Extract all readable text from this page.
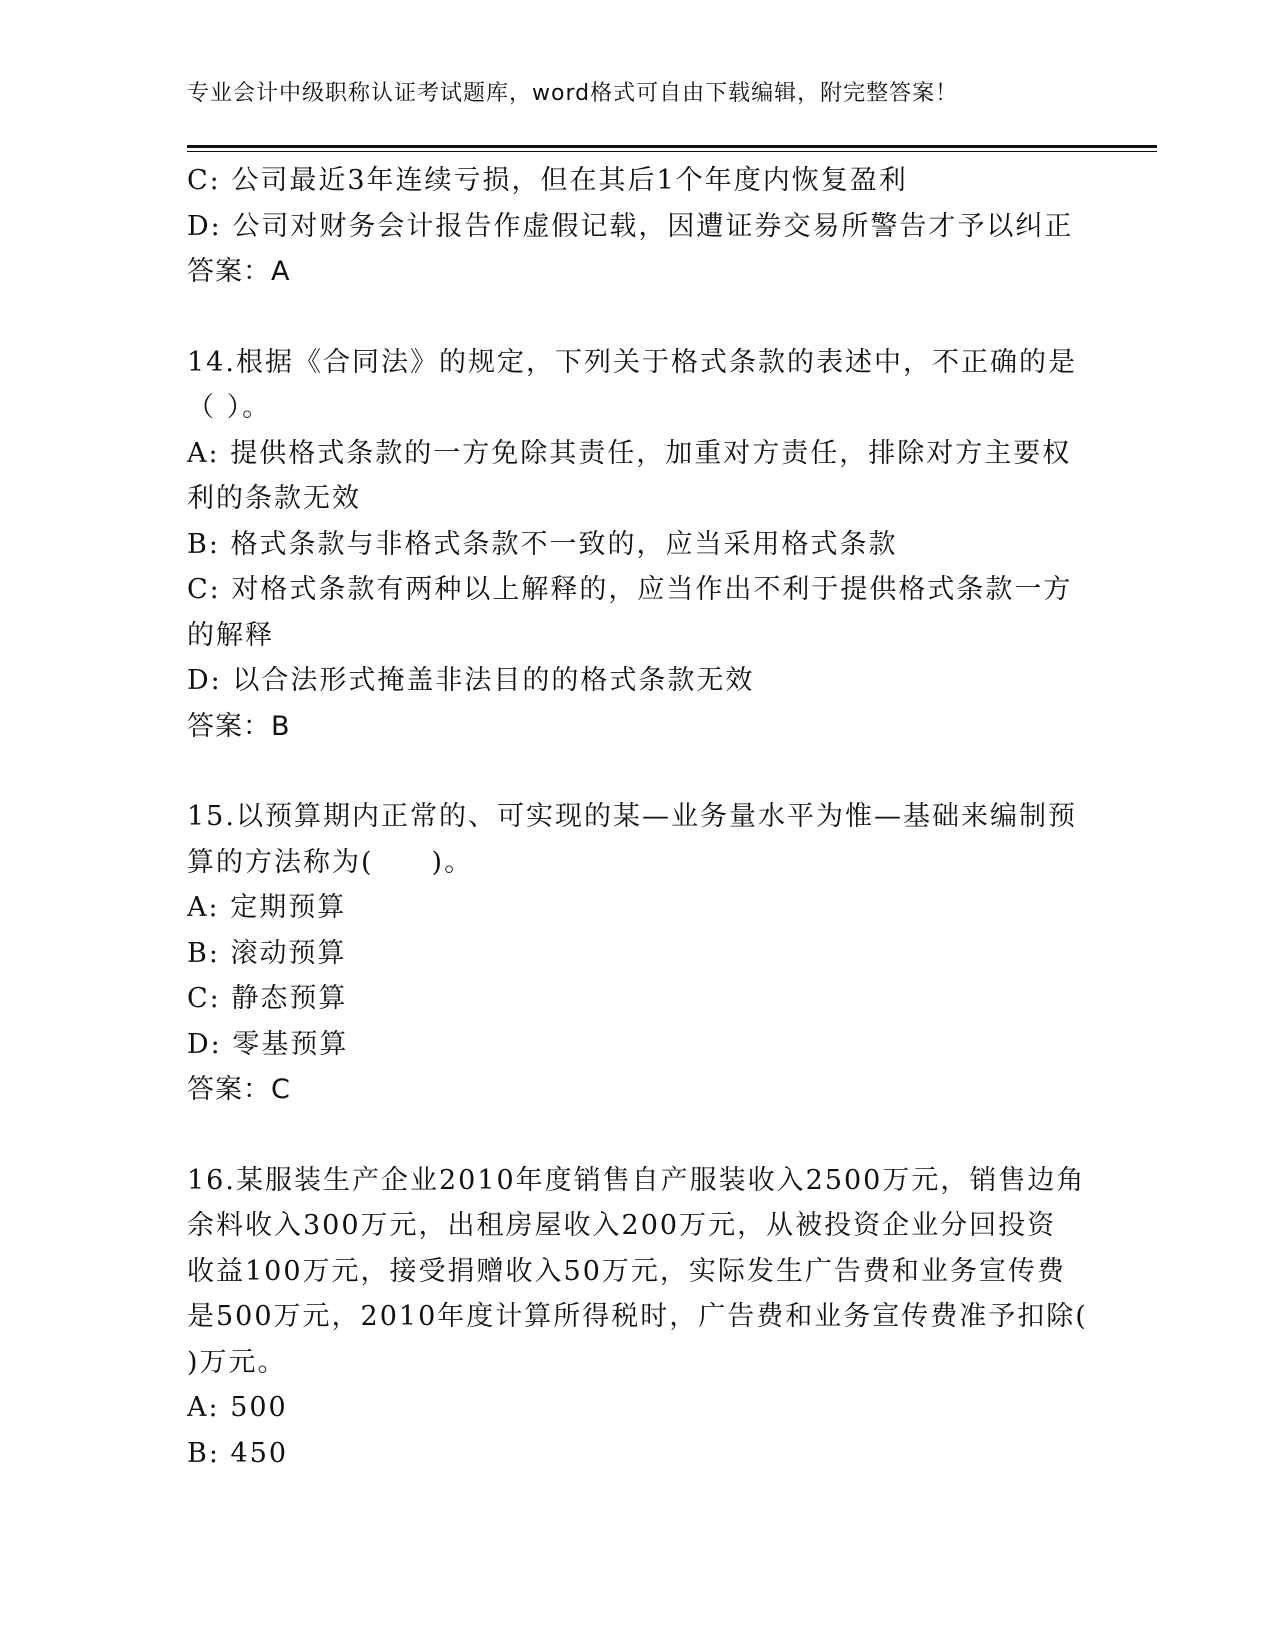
专业会计中级职称认证考试题库，word格式可自由下载编辑，附完整答案！
C: 公司最近3年连续亏损，但在其后1个年度内恢复盈利
D: 公司对财务会计报告作虚假记载，因遭证券交易所警告才予以纠正
答案：A
14.根据《合同法》的规定，下列关于格式条款的表述中，不正确的是
（ ）。
A: 提供格式条款的一方免除其责任，加重对方责任，排除对方主要权
利的条款无效
B: 格式条款与非格式条款不一致的，应当采用格式条款
C: 对格式条款有两种以上解释的，应当作出不利于提供格式条款一方
的解释
D: 以合法形式掩盖非法目的的格式条款无效
答案：B
15.以预算期内正常的、可实现的某—业务量水平为惟—基础来编制预
算的方法称为(　　)。
A: 定期预算
B: 滚动预算
C: 静态预算
D: 零基预算
答案：C
16.某服装生产企业2010年度销售自产服装收入2500万元，销售边角
余料收入300万元，出租房屋收入200万元，从被投资企业分回投资
收益100万元，接受捐赠收入50万元，实际发生广告费和业务宣传费
是500万元，2010年度计算所得税时，广告费和业务宣传费准予扣除(
)万元。
A: 500
B: 450
